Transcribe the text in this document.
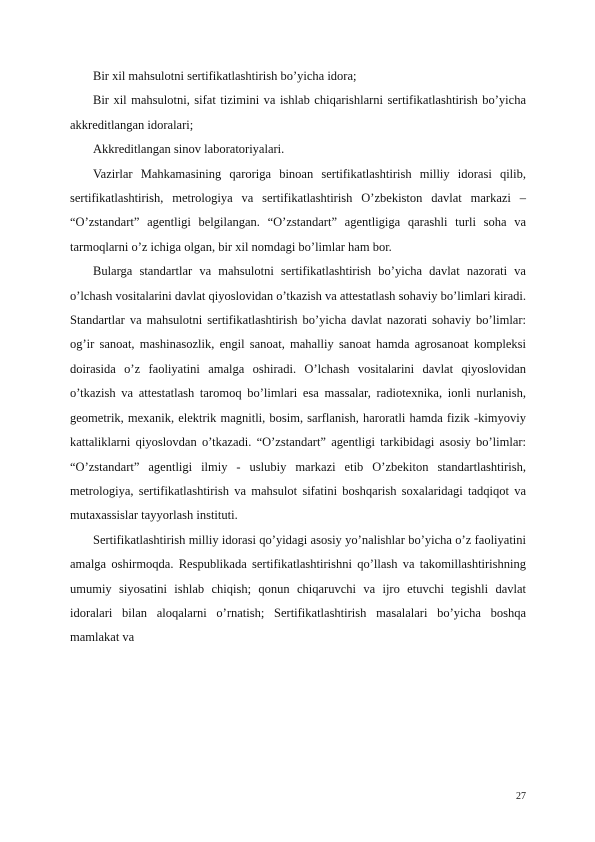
Bir xil mahsulotni sertifikatlashtirish bo’yicha idora;

Bir xil mahsulotni, sifat tizimini va ishlab chiqarishlarni sertifikatlashtirish bo’yicha akkreditlangan idoralari;

Akkreditlangan sinov laboratoriyalari.

Vazirlar Mahkamasining qaroriga binoan sertifikatlashtirish milliy idorasi qilib, sertifikatlashtirish, metrologiya va sertifikatlashtirish O’zbekiston davlat markazi – “O’zstandart” agentligi belgilangan. “O’zstandart” agentligiga qarashli turli soha va tarmoqlarni o’z ichiga olgan, bir xil nomdagi bo’limlar ham bor.

Bularga standartlar va mahsulotni sertifikatlashtirish bo’yicha davlat nazorati va o’lchash vositalarini davlat qiyoslovidan o’tkazish va attestatlash sohaviy bo’limlari kiradi. Standartlar va mahsulotni sertifikatlashtirish bo’yicha davlat nazorati sohaviy bo’limlar: og’ir sanoat, mashinasozlik, engil sanoat, mahalliy sanoat hamda agrosanoat kompleksi doirasida o’z faoliyatini amalga oshiradi. O’lchash vositalarini davlat qiyoslovidan o’tkazish va attestatlash taromoq bo’limlari esa massalar, radiotexnika, ionli nurlanish, geometrik, mexanik, elektrik magnitli, bosim, sarflanish, haroratli hamda fizik -kimyoviy kattaliklarni qiyoslovdan o’tkazadi. “O’zstandart” agentligi tarkibidagi asosiy bo’limlar: “O’zstandart” agentligi ilmiy - uslubiy markazi etib O’zbekiton standartlashtirish, metrologiya, sertifikatlashtirish va mahsulot sifatini boshqarish soxalaridagi tadqiqot va mutaxassislar tayyorlash instituti.

Sertifikatlashtirish milliy idorasi qo’yidagi asosiy yo’nalishlar bo’yicha o’z faoliyatini amalga oshirmoqda. Respublikada sertifikatlashtirishni qo’llash va takomillashtirishning umumiy siyosatini ishlab chiqish; qonun chiqaruvchi va ijro etuvchi tegishli davlat idoralari bilan aloqalarni o’rnatish; Sertifikatlashtirish masalalari bo’yicha boshqa mamlakat va

27
